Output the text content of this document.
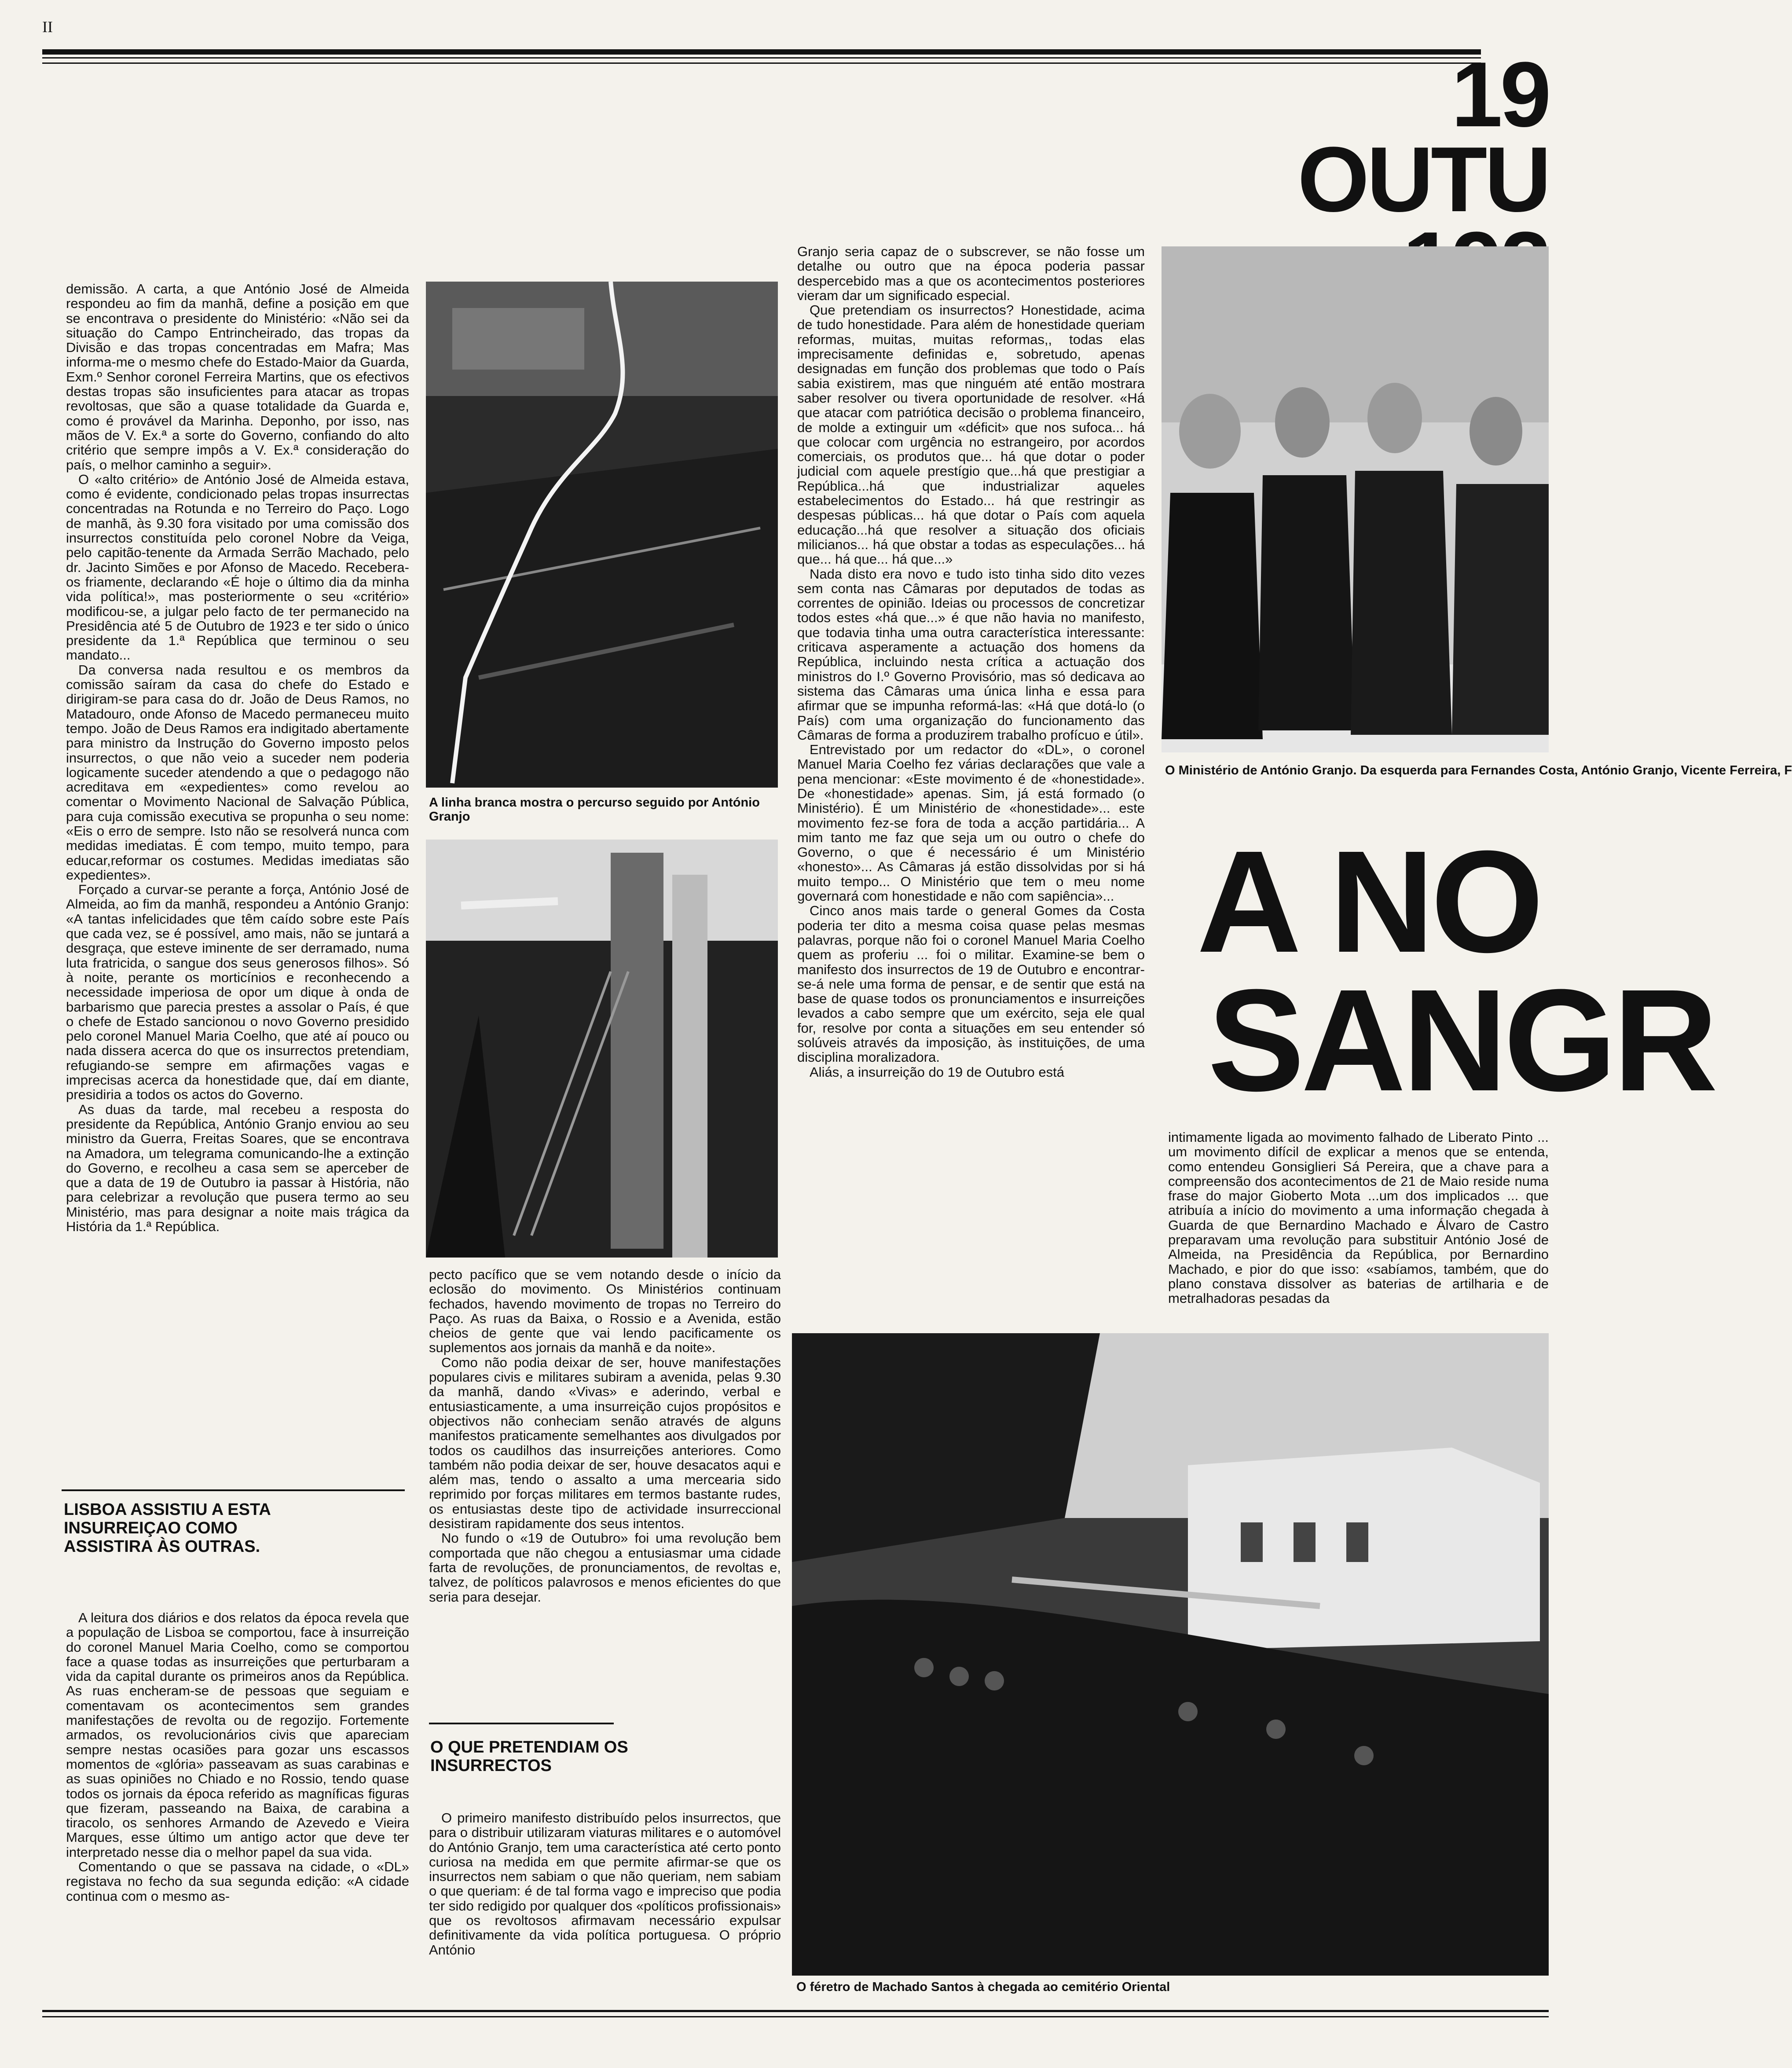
II
19
OUTU

demissão. A carta, a que António José de Almeida respondeu ao fim da manhã, define a posição em que se encontrava o presidente do Ministério: «Não sei da situação do Campo Entrincheirado, das tropas da Divisão e das tropas concentradas em Mafra; Mas informa-me o mesmo chefe do Estado-Maior da Guarda, Exm.º Senhor coronel Ferreira Martins, que os efectivos destas tropas são insuficientes para atacar as tropas revoltosas, que são a quase totalidade da Guarda e, como é provável da Marinha. Deponho, por isso, nas mãos de V. Ex.ª a sorte do Governo, confiando do alto critério que sempre impôs a V. Ex.ª consideração do país, o melhor caminho a seguir».

O «alto critério» de António José de Almeida estava, como é evidente, condicionado pelas tropas insurrectas concentradas na Rotunda e no Terreiro do Paço. Logo de manhã, às 9.30 fora visitado por uma comissão dos insurrectos constituída pelo coronel Nobre da Veiga, pelo capitão-tenente da Armada Serrão Machado, pelo dr. Jacinto Simões e por Afonso de Macedo. Recebera-os friamente, declarando «É hoje o último dia da minha vida política!», mas posteriormente o seu «critério» modificou-se, a julgar pelo facto de ter permanecido na Presidência até 5 de Outubro de 1923 e ter sido o único presidente da 1.ª República que terminou o seu mandato...

Da conversa nada resultou e os membros da comissão saíram da casa do chefe do Estado e dirigiram-se para casa do dr. João de Deus Ramos, no Matadouro, onde Afonso de Macedo permaneceu muito tempo. João de Deus Ramos era indigitado abertamente para ministro da Instrução do Governo imposto pelos insurrectos, o que não veio a suceder nem poderia logicamente suceder atendendo a que o pedagogo não acreditava em «expedientes» como revelou ao comentar o Movimento Nacional de Salvação Pública, para cuja comissão executiva se propunha o seu nome: «Eis o erro de sempre. Isto não se resolverá nunca com medidas imediatas. É com tempo, muito tempo, para educar,reformar os costumes. Medidas imediatas são expedientes».

Forçado a curvar-se perante a força, António José de Almeida, ao fim da manhã, respondeu a António Granjo: «A tantas infelicidades que têm caído sobre este País que cada vez, se é possível, amo mais, não se juntará a desgraça, que esteve iminente de ser derramado, numa luta fratricida, o sangue dos seus generosos filhos». Só à noite, perante os morticínios e reconhecendo a necessidade imperiosa de opor um dique à onda de barbarismo que parecia prestes a assolar o País, é que o chefe de Estado sancionou o novo Governo presidido pelo coronel Manuel Maria Coelho, que até aí pouco ou nada dissera acerca do que os insurrectos pretendiam, refugiando-se sempre em afirmações vagas e imprecisas acerca da honestidade que, daí em diante, presidiria a todos os actos do Governo.

As duas da tarde, mal recebeu a resposta do presidente da República, António Granjo enviou ao seu ministro da Guerra, Freitas Soares, que se encontrava na Amadora, um telegrama comunicando-lhe a extinção do Governo, e recolheu a casa sem se aperceber de que a data de 19 de Outubro ia passar à História, não para celebrizar a revolução que pusera termo ao seu Ministério, mas para designar a noite mais trágica da História da 1.ª República.

LISBOA ASSISTIU A ESTA INSURREIÇAO COMO ASSISTIRA ÀS OUTRAS.

A leitura dos diários e dos relatos da época revela que a população de Lisboa se comportou, face à insurreição do coronel Manuel Maria Coelho, como se comportou face a quase todas as insurreições que perturbaram a vida da capital durante os primeiros anos da República. As ruas encheram-se de pessoas que seguiam e comentavam os acontecimentos sem grandes manifestações de revolta ou de regozijo. Fortemente armados, os revolucionários civis que apareciam sempre nestas ocasiões para gozar uns escassos momentos de «glória» passeavam as suas carabinas e as suas opiniões no Chiado e no Rossio, tendo quase todos os jornais da época referido as magníficas figuras que fizeram, passeando na Baixa, de carabina a tiracolo, os senhores Armando de Azevedo e Vieira Marques, esse último um antigo actor que deve ter interpretado nesse dia o melhor papel da sua vida.

Comentando o que se passava na cidade, o «DL» registava no fecho da sua segunda edição: «A cidade continua com o mesmo as-

A linha branca mostra o percurso seguido por António Granjo

pecto pacífico que se vem notando desde o início da eclosão do movimento. Os Ministérios continuam fechados, havendo movimento de tropas no Terreiro do Paço. As ruas da Baixa, o Rossio e a Avenida, estão cheios de gente que vai lendo pacificamente os suplementos aos jornais da manhã e da noite».

Como não podia deixar de ser, houve manifestações populares civis e militares subiram a avenida, pelas 9.30 da manhã, dando «Vivas» e aderindo, verbal e entusiasticamente, a uma insurreição cujos propósitos e objectivos não conheciam senão através de alguns manifestos praticamente semelhantes aos divulgados por todos os caudilhos das insurreições anteriores. Como também não podia deixar de ser, houve desacatos aqui e além mas, tendo o assalto a uma mercearia sido reprimido por forças militares em termos bastante rudes, os entusiastas deste tipo de actividade insurreccional desistiram rapidamente dos seus intentos.

No fundo o «19 de Outubro» foi uma revolução bem comportada que não chegou a entusiasmar uma cidade farta de revoluções, de pronunciamentos, de revoltas e, talvez, de políticos palavrosos e menos eficientes do que seria para desejar.

O QUE PRETENDIAM OS INSURRECTOS

O primeiro manifesto distribuído pelos insurrectos, que para o distribuir utilizaram viaturas militares e o automóvel do António Granjo, tem uma característica até certo ponto curiosa na medida em que permite afirmar-se que os insurrectos nem sabiam o que não queriam, nem sabiam o que queriam: é de tal forma vago e impreciso que podia ter sido redigido por qualquer dos «políticos profissionais» que os revoltosos afirmavam necessário expulsar definitivamente da vida política portuguesa. O próprio António

Granjo seria capaz de o subscrever, se não fosse um detalhe ou outro que na época poderia passar despercebido mas a que os acontecimentos posteriores vieram dar um significado especial.

Que pretendiam os insurrectos? Honestidade, acima de tudo honestidade. Para além de honestidade queriam reformas, muitas, muitas reformas,, todas elas imprecisamente definidas e, sobretudo, apenas designadas em função dos problemas que todo o País sabia existirem, mas que ninguém até então mostrara saber resolver ou tivera oportunidade de resolver. «Há que atacar com patriótica decisão o problema financeiro, de molde a extinguir um «déficit» que nos sufoca... há que colocar com urgência no estrangeiro, por acordos comerciais, os produtos que... há que dotar o poder judicial com aquele prestígio que...há que prestigiar a República...há que industrializar aqueles estabelecimentos do Estado... há que restringir as despesas públicas... há que dotar o País com aquela educação...há que resolver a situação dos oficiais milicianos... há que obstar a todas as especulações... há que... há que... há que...»

Nada disto era novo e tudo isto tinha sido dito vezes sem conta nas Câmaras por deputados de todas as correntes de opinião. Ideias ou processos de concretizar todos estes «há que...» é que não havia no manifesto, que todavia tinha uma outra característica interessante: criticava asperamente a actuação dos homens da República, incluindo nesta crítica a actuação dos ministros do I.º Governo Provisório, mas só dedicava ao sistema das Câmaras uma única linha e essa para afirmar que se impunha reformá-las: «Há que dotá-lo (o País) com uma organização do funcionamento das Câmaras de forma a produzirem trabalho profícuo e útil».

Entrevistado por um redactor do «DL», o coronel Manuel Maria Coelho fez várias declarações que vale a pena mencionar: «Este movimento é de «honestidade». De «honestidade» apenas. Sim, já está formado (o Ministério). É um Ministério de «honestidade»... este movimento fez-se fora de toda a acção partidária... A mim tanto me faz que seja um ou outro o chefe do Governo, o que é necessário é um Ministério «honesto»... As Câmaras já estão dissolvidas por si há muito tempo... O Ministério que tem o meu nome governará com honestidade e não com sapiência»...

Cinco anos mais tarde o general Gomes da Costa poderia ter dito a mesma coisa quase pelas mesmas palavras, porque não foi o coronel Manuel Maria Coelho quem as proferiu ... foi o militar. Examine-se bem o manifesto dos insurrectos de 19 de Outubro e encontrar-se-á nele uma forma de pensar, e de sentir que está na base de quase todos os pronunciamentos e insurreições levados a cabo sempre que um exército, seja ele qual for, resolve por conta a situações em seu entender só solúveis através da imposição, às instituições, de uma disciplina moralizadora.

Aliás, a insurreição do 19 de Outubro está

O Ministério de António Granjo. Da esquerda para Fernandes Costa, António Granjo, Vicente Ferreira, F
A NO
SANGR

intimamente ligada ao movimento falhado de Liberato Pinto ... um movimento difícil de explicar a menos que se entenda, como entendeu Gonsiglieri Sá Pereira, que a chave para a compreensão dos acontecimentos de 21 de Maio reside numa frase do major Gioberto Mota ...um dos implicados ... que atribuía a início do movimento a uma informação chegada à Guarda de que Bernardino Machado e Álvaro de Castro preparavam uma revolução para substituir António José de Almeida, na Presidência da República, por Bernardino Machado, e pior do que isso: «sabíamos, também, que do plano constava dissolver as baterias de artilharia e de metralhadoras pesadas da

O féretro de Machado Santos à chegada ao cemitério Oriental
